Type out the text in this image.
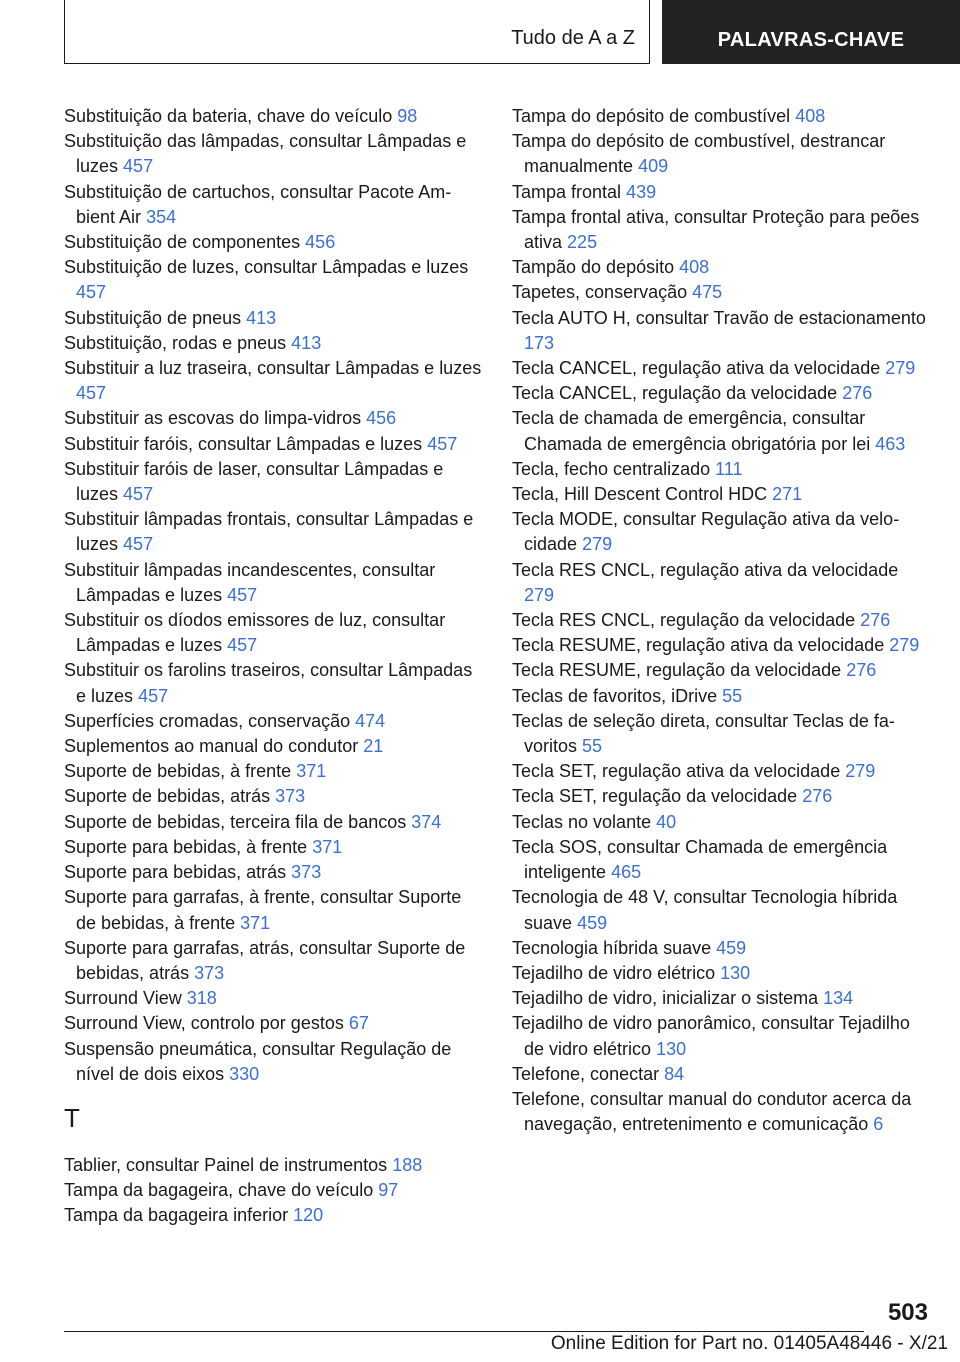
Tudo de A a Z	PALAVRAS-CHAVE
Substituição da bateria, chave do veículo 98
Substituição das lâmpadas, consultar Lâmpadas e luzes 457
Substituição de cartuchos, consultar Pacote Ambient Air 354
Substituição de componentes 456
Substituição de luzes, consultar Lâmpadas e luzes 457
Substituição de pneus 413
Substituição, rodas e pneus 413
Substituir a luz traseira, consultar Lâmpadas e luzes 457
Substituir as escovas do limpa-vidros 456
Substituir faróis, consultar Lâmpadas e luzes 457
Substituir faróis de laser, consultar Lâmpadas e luzes 457
Substituir lâmpadas frontais, consultar Lâmpadas e luzes 457
Substituir lâmpadas incandescentes, consultar Lâmpadas e luzes 457
Substituir os díodos emissores de luz, consultar Lâmpadas e luzes 457
Substituir os farolins traseiros, consultar Lâmpadas e luzes 457
Superfícies cromadas, conservação 474
Suplementos ao manual do condutor 21
Suporte de bebidas, à frente 371
Suporte de bebidas, atrás 373
Suporte de bebidas, terceira fila de bancos 374
Suporte para bebidas, à frente 371
Suporte para bebidas, atrás 373
Suporte para garrafas, à frente, consultar Suporte de bebidas, à frente 371
Suporte para garrafas, atrás, consultar Suporte de bebidas, atrás 373
Surround View 318
Surround View, controlo por gestos 67
Suspensão pneumática, consultar Regulação de nível de dois eixos 330
T
Tablier, consultar Painel de instrumentos 188
Tampa da bagageira, chave do veículo 97
Tampa da bagageira inferior 120
Tampa do depósito de combustível 408
Tampa do depósito de combustível, destrancar manualmente 409
Tampa frontal 439
Tampa frontal ativa, consultar Proteção para peões ativa 225
Tampão do depósito 408
Tapetes, conservação 475
Tecla AUTO H, consultar Travão de estacionamento 173
Tecla CANCEL, regulação ativa da velocidade 279
Tecla CANCEL, regulação da velocidade 276
Tecla de chamada de emergência, consultar Chamada de emergência obrigatória por lei 463
Tecla, fecho centralizado 111
Tecla, Hill Descent Control HDC 271
Tecla MODE, consultar Regulação ativa da velocidade 279
Tecla RES CNCL, regulação ativa da velocidade 279
Tecla RES CNCL, regulação da velocidade 276
Tecla RESUME, regulação ativa da velocidade 279
Tecla RESUME, regulação da velocidade 276
Teclas de favoritos, iDrive 55
Teclas de seleção direta, consultar Teclas de favoritos 55
Tecla SET, regulação ativa da velocidade 279
Tecla SET, regulação da velocidade 276
Teclas no volante 40
Tecla SOS, consultar Chamada de emergência inteligente 465
Tecnologia de 48 V, consultar Tecnologia híbrida suave 459
Tecnologia híbrida suave 459
Tejadilho de vidro elétrico 130
Tejadilho de vidro, inicializar o sistema 134
Tejadilho de vidro panorâmico, consultar Tejadilho de vidro elétrico 130
Telefone, conectar 84
Telefone, consultar manual do condutor acerca da navegação, entretenimento e comunicação 6
503
Online Edition for Part no. 01405A48446 - X/21
